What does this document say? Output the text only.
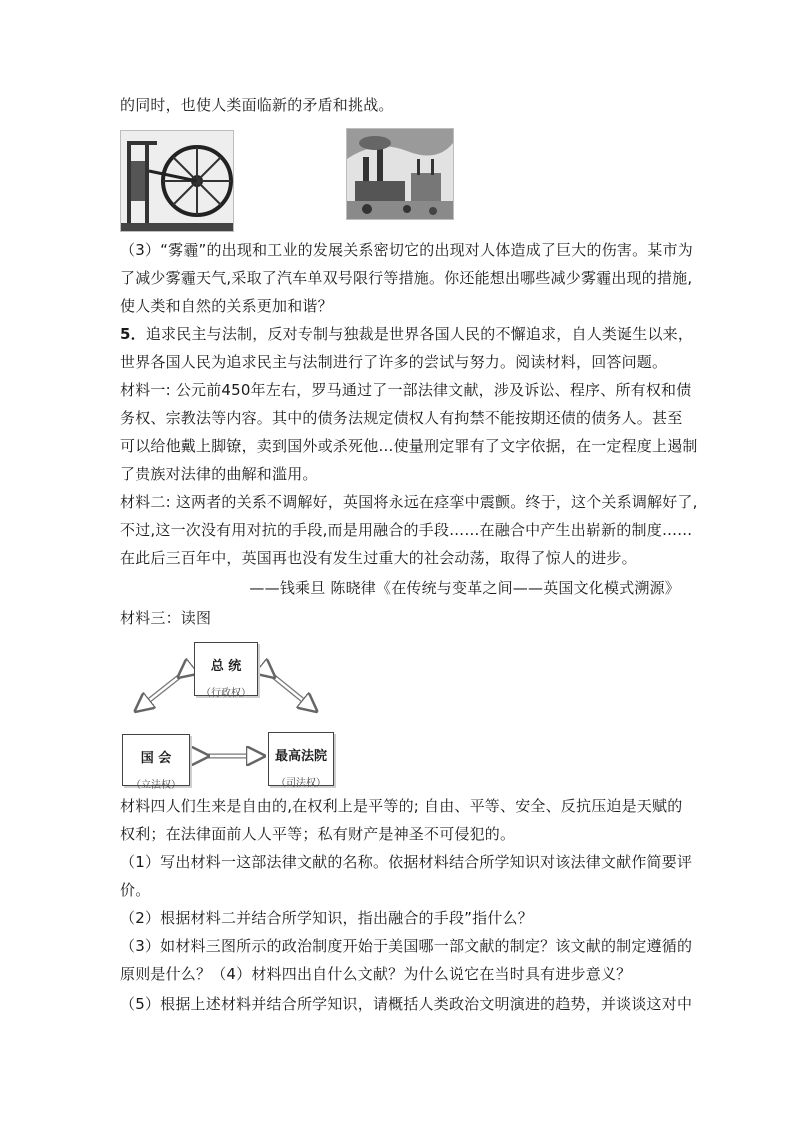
的同时，也使人类面临新的矛盾和挑战。
（3）“雾霾”的出现和工业的发展关系密切它的出现对人体造成了巨大的伤害。某市为
了减少雾霾天气,采取了汽车单双号限行等措施。你还能想出哪些减少雾霾出现的措施,
使人类和自然的关系更加和谐？
5．追求民主与法制，反对专制与独裁是世界各国人民的不懈追求，自人类诞生以来，
世界各国人民为追求民主与法制进行了许多的尝试与努力。阅读材料，回答问题。
材料一: 公元前450年左右，罗马通过了一部法律文献，涉及诉讼、程序、所有权和债
务权、宗教法等内容。其中的债务法规定债权人有拘禁不能按期还债的债务人。甚至
可以给他戴上脚镣，卖到国外或杀死他…使量刑定罪有了文字依据，在一定程度上遏制
了贵族对法律的曲解和滥用。
材料二: 这两者的关系不调解好，英国将永远在痉挛中震颤。终于，这个关系调解好了,
不过,这一次没有用对抗的手段,而是用融合的手段……在融合中产生出崭新的制度……
在此后三百年中，英国再也没有发生过重大的社会动荡，取得了惊人的进步。
——钱乘旦 陈晓律《在传统与变革之间——英国文化模式溯源》
材料三：读图
总 统
（行政权）
国 会
（立法权）
最高法院
（司法权）
材料四人们生来是自由的,在权利上是平等的; 自由、平等、安全、反抗压迫是天赋的
权利；在法律面前人人平等；私有财产是神圣不可侵犯的。
（1）写出材料一这部法律文献的名称。依据材料结合所学知识对该法律文献作简要评
价。
（2）根据材料二并结合所学知识，指出融合的手段”指什么？
（3）如材料三图所示的政治制度开始于美国哪一部文献的制定？该文献的制定遵循的
原则是什么？（4）材料四出自什么文献？为什么说它在当时具有进步意义？
（5）根据上述材料并结合所学知识，请概括人类政治文明演进的趋势，并谈谈这对中
